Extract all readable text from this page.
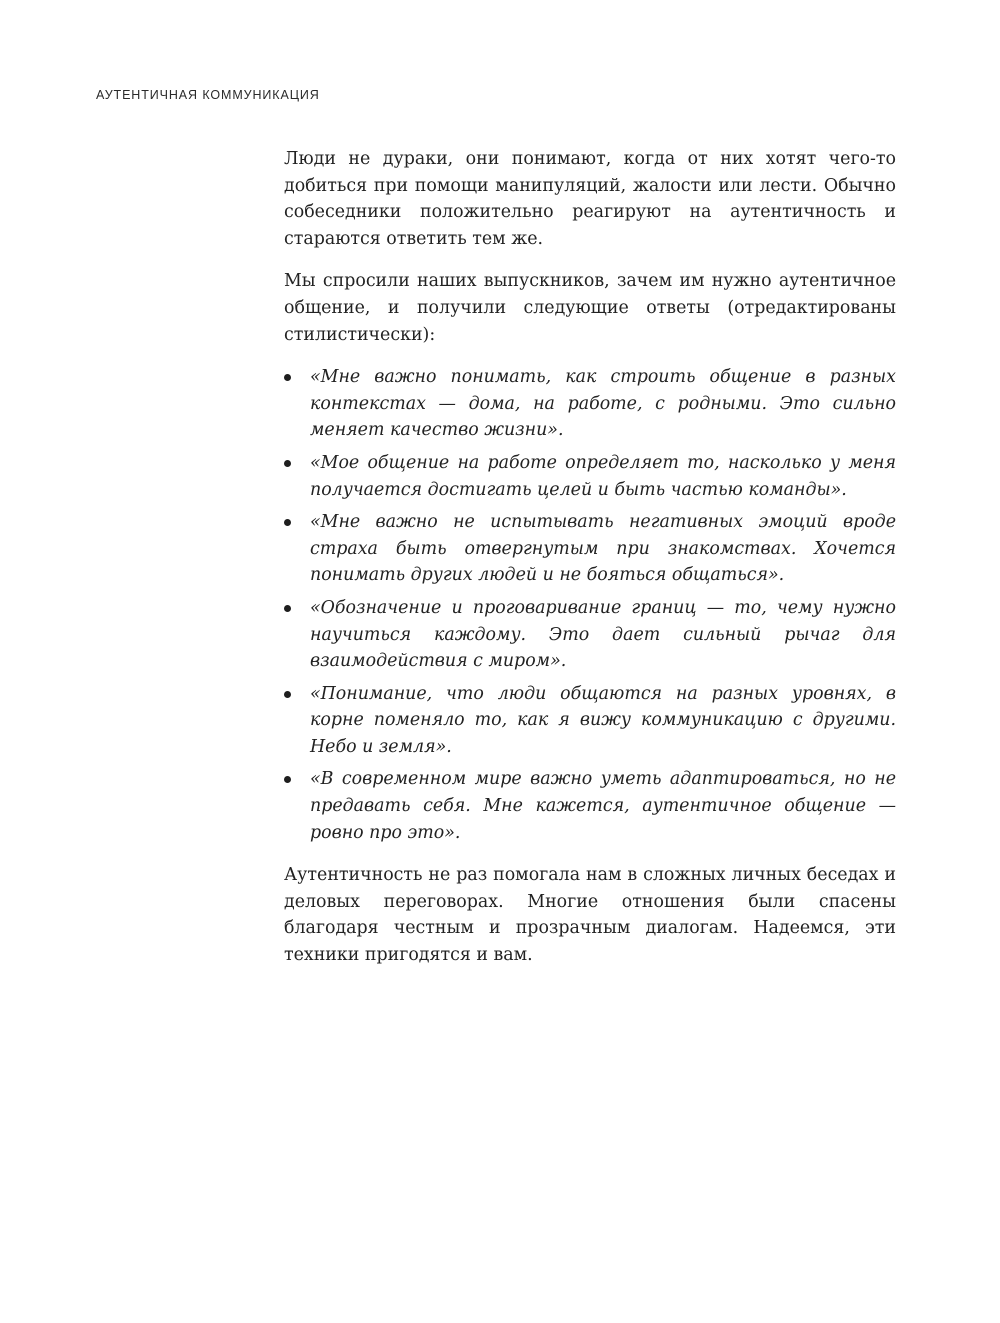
АУТЕНТИЧНАЯ КОММУНИКАЦИЯ

Люди не дураки, они понимают, когда от них хотят чего-то добиться при помощи манипуляций, жалости или лести. Обычно собеседники положительно реагируют на аутентичность и стараются ответить тем же.

Мы спросили наших выпускников, зачем им нужно аутентичное общение, и получили следующие ответы (отредактированы стилистически):

«Мне важно понимать, как строить общение в разных контекстах — дома, на работе, с родными. Это сильно меняет качество жизни».
«Мое общение на работе определяет то, насколько у меня получается достигать целей и быть частью команды».
«Мне важно не испытывать негативных эмоций вроде страха быть отвергнутым при знакомствах. Хочется понимать других людей и не бояться общаться».
«Обозначение и проговаривание границ — то, чему нужно научиться каждому. Это дает сильный рычаг для взаимодействия с миром».
«Понимание, что люди общаются на разных уровнях, в корне поменяло то, как я вижу коммуникацию с другими. Небо и земля».
«В современном мире важно уметь адаптироваться, но не предавать себя. Мне кажется, аутентичное общение — ровно про это».

Аутентичность не раз помогала нам в сложных личных беседах и деловых переговорах. Многие отношения были спасены благодаря честным и прозрачным диалогам. Надеемся, эти техники пригодятся и вам.
